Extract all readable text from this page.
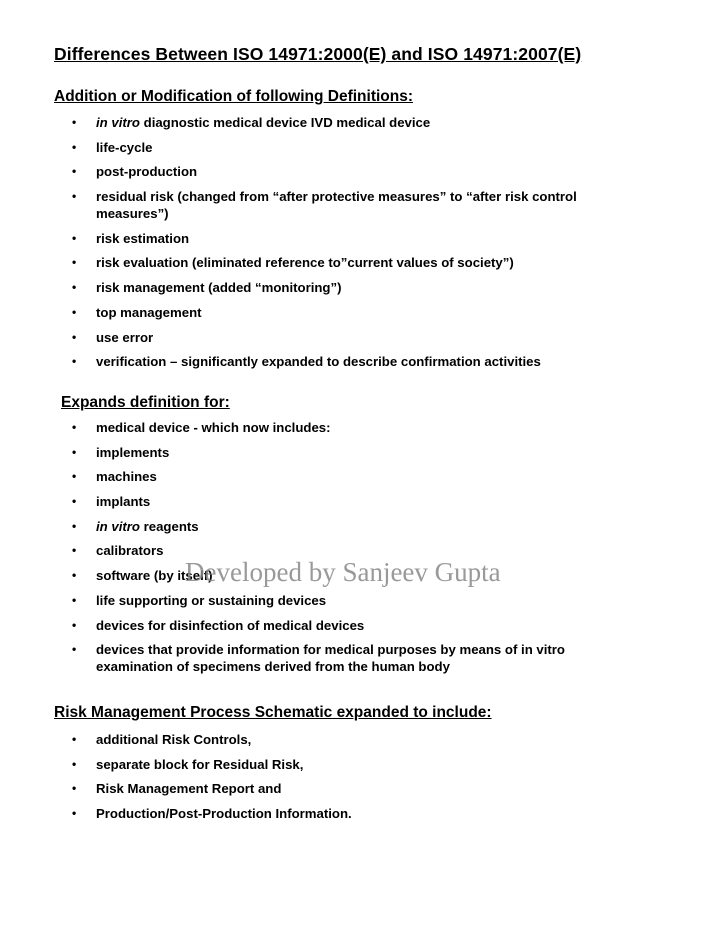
Differences Between ISO 14971:2000(E) and ISO 14971:2007(E)
Addition or Modification of following Definitions:
• in vitro diagnostic medical device IVD medical device
• life-cycle
• post-production
• residual risk (changed from “after protective measures” to “after risk control measures”)
• risk estimation
• risk evaluation (eliminated reference to”current values of society”)
• risk management (added “monitoring”)
• top management
• use error
• verification – significantly expanded to describe confirmation activities
Expands definition for:
• medical device - which now includes:
• implements
• machines
• implants
• in vitro reagents
• calibrators
• software (by itself)
• life supporting or sustaining devices
• devices for disinfection of medical devices
• devices that provide information for medical purposes by means of in vitro examination of specimens derived from the human body
Risk Management Process Schematic expanded to include:
• additional Risk Controls,
• separate block for Residual Risk,
• Risk Management Report and
• Production/Post-Production Information.
Developed by Sanjeev Gupta
